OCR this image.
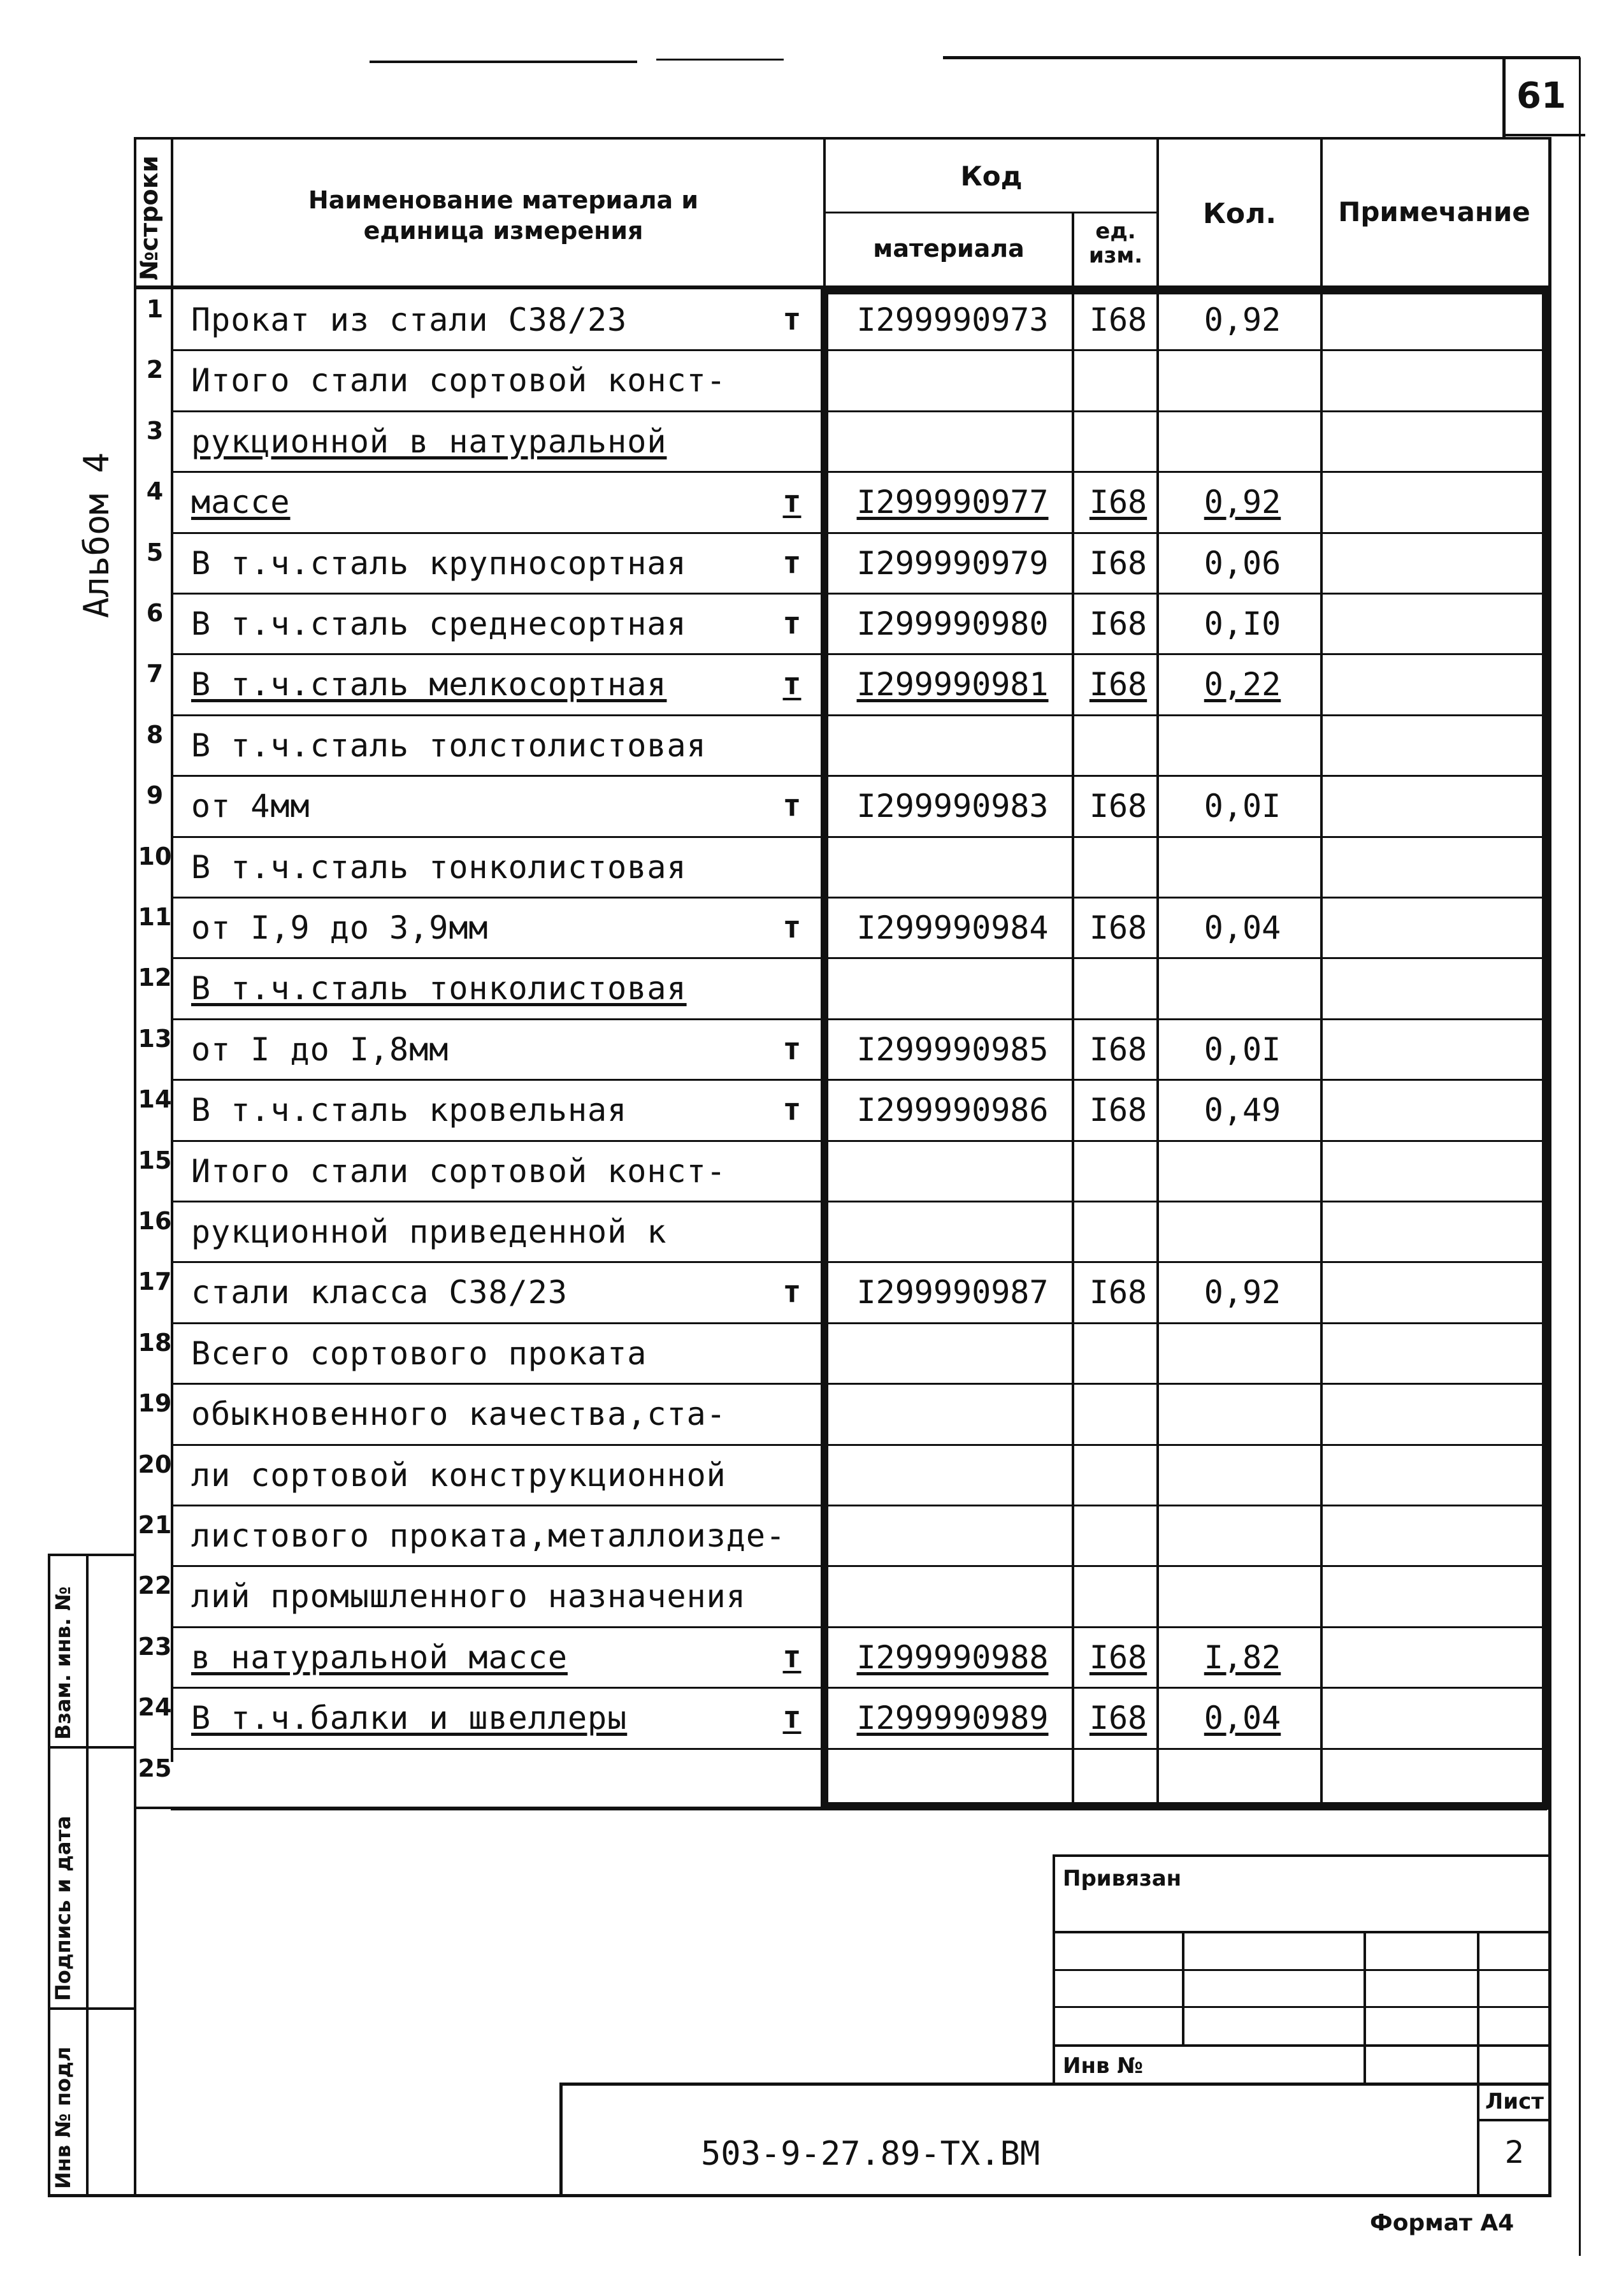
61
Альбом 4
№строки	Наименование материала и
единица измерения
Код
материала
ед.
изм.
Кол.	Примечание
1 Прокат из стали С38/23	т	I299990973	I68	0,92
2 Итого стали сортовой конст-
3 рукционной в натуральной
4 массе	т	I299990977	I68	0,92
5 В т.ч.сталь крупносортная	т	I299990979	I68	0,06
6 В т.ч.сталь среднесортная	т	I299990980	I68	0,I0
7 В т.ч.сталь мелкосортная	т	I299990981	I68	0,22
8 В т.ч.сталь толстолистовая
9 от 4мм	т	I299990983	I68	0,0I
10 В т.ч.сталь тонколистовая
11 от I,9 до 3,9мм	т	I299990984	I68	0,04
12 В т.ч.сталь тонколистовая
13 от I до I,8мм	т	I299990985	I68	0,0I
14 В т.ч.сталь кровельная	т	I299990986	I68	0,49
15 Итого стали сортовой конст-
16 рукционной приведенной к
17 стали класса С38/23	т	I299990987	I68	0,92
18 Всего сортового проката
19 обыкновенного качества,ста-
20 ли сортовой конструкционной
21 листового проката,металлоизде-
22 лий промышленного назначения
23 в натуральной массе	т	I299990988	I68	I,82
24 В т.ч.балки и швеллеры	т	I299990989	I68	0,04
25
Привязан
Инв №
503-9-27.89-ТХ.ВМ
Лист
2
Взам. инв. №
Подпись и дата
Инв № подл
Формат А4
